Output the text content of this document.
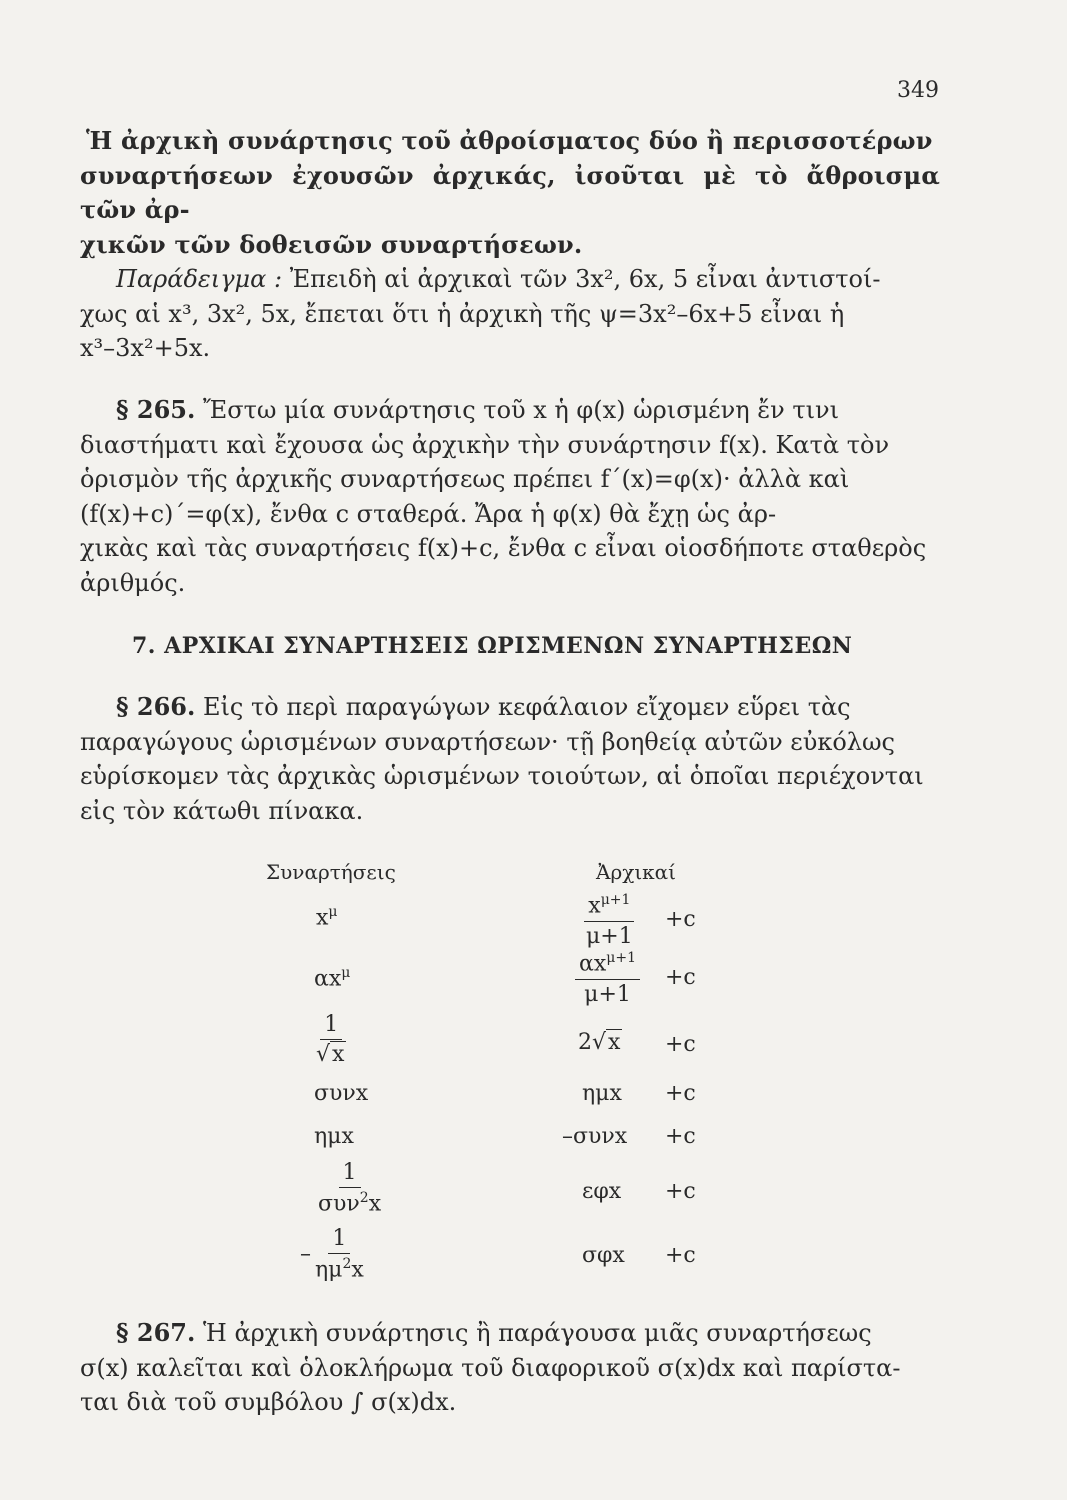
349
Ἡ ἀρχικὴ συνάρτησις τοῦ ἀθροίσματος δύο ἢ περισσοτέρων
συναρτήσεων ἐχουσῶν ἀρχικάς, ἰσοῦται μὲ τὸ ἄθροισμα τῶν ἀρ-
χικῶν τῶν δοθεισῶν συναρτήσεων.
Παράδειγμα : Ἐπειδὴ αἱ ἀρχικαὶ τῶν 3x², 6x, 5 εἶναι ἀντιστοί-
χως αἱ x³, 3x², 5x, ἔπεται ὅτι ἡ ἀρχικὴ τῆς ψ=3x²–6x+5 εἶναι ἡ
x³–3x²+5x.
§ 265. Ἔστω μία συνάρτησις τοῦ x ἡ φ(x) ὡρισμένη ἔν τινι
διαστήματι καὶ ἔχουσα ὡς ἀρχικὴν τὴν συνάρτησιν f(x). Κατὰ τὸν
ὁρισμὸν τῆς ἀρχικῆς συναρτήσεως πρέπει f΄(x)=φ(x)· ἀλλὰ καὶ
(f(x)+c)΄=φ(x), ἔνθα c σταθερά. Ἄρα ἡ φ(x) θὰ ἔχῃ ὡς ἀρ-
χικὰς καὶ τὰς συναρτήσεις f(x)+c, ἔνθα c εἶναι οἱοσδήποτε σταθερὸς
ἀριθμός.
7. ΑΡΧΙΚΑΙ ΣΥΝΑΡΤΗΣΕΙΣ ΩΡΙΣΜΕΝΩΝ ΣΥΝΑΡΤΗΣΕΩΝ
§ 266. Εἰς τὸ περὶ παραγώγων κεφάλαιον εἴχομεν εὕρει τὰς
παραγώγους ὡρισμένων συναρτήσεων· τῇ βοηθείᾳ αὐτῶν εὐκόλως
εὑρίσκομεν τὰς ἀρχικὰς ὡρισμένων τοιούτων, αἱ ὁποῖαι περιέχονται
εἰς τὸν κάτωθι πίνακα.
Συναρτήσεις	Ἀρχικαί
$x^\mu$	$\frac{x^{\mu+1}}{\mu+1} +c$
$\alpha x^\mu$	$\frac{\alpha x^{\mu+1}}{\mu+1} +c$
$\frac{1}{√x}$	2√x +c
συνx	ημx +c
ημx	–συνx +c
$\frac{1}{\sigma\upsilon\nu^2x}$	εφx +c
– $\frac{1}{\eta\mu^2x}$	σφx +c
§ 267. Ἡ ἀρχικὴ συνάρτησις ἢ παράγουσα μιᾶς συναρτήσεως
σ(x) καλεῖται καὶ ὁλοκλήρωμα τοῦ διαφορικοῦ σ(x)dx καὶ παρίστα-
ται διὰ τοῦ συμβόλου ∫ σ(x)dx.
